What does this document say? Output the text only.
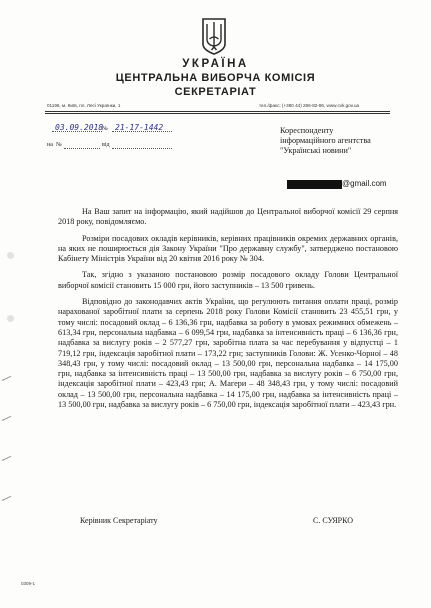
УКРАЇНА
ЦЕНТРАЛЬНА ВИБОРЧА КОМІСІЯ
СЕКРЕТАРІАТ
01196, м. Київ, пл. Лесі Українки, 1	тел./факс: (+380 44) 286-82-86, www.cvk.gov.ua
03.09.2018
№ 21-17-1442
на №	від
Кореспонденту
інформаційного агентства
"Українські новини"
@gmail.com

На Ваш запит на інформацію, який надійшов до Центральної виборчої комісії 29 серпня 2018 року, повідомляємо.

Розміри посадових окладів керівників, керівних працівників окремих державних органів, на яких не поширюється дія Закону України "Про державну службу", затверджено постановою Кабінету Міністрів України від 20 квітня 2016 року № 304.

Так, згідно з указаною постановою розмір посадового окладу Голови Центральної виборчої комісії становить 15 000 грн, його заступників – 13 500 гривень.

Відповідно до законодавчих актів України, що регулюють питання оплати праці, розмір нарахованої заробітної плати за серпень 2018 року Голови Комісії становить 23 455,51 грн, у тому числі: посадовий оклад – 6 136,36 грн, надбавка за роботу в умовах режимних обмежень – 613,34 грн, персональна надбавка – 6 099,54 грн, надбавка за інтенсивність праці – 6 136,36 грн, надбавка за вислугу років – 2 577,27 грн, заробітна плата за час перебування у відпустці – 1 719,12 грн, індексація заробітної плати – 173,22 грн; заступників Голови: Ж. Усенко-Чорної – 48 348,43 грн, у тому числі: посадовий оклад – 13 500,00 грн, персональна надбавка – 14 175,00 грн, надбавка за інтенсивність праці – 13 500,00 грн, надбавка за вислугу років – 6 750,00 грн, індексація заробітної плати – 423,43 грн; А. Магери – 48 348,43 грн, у тому числі: посадовий оклад – 13 500,00 грн, персональна надбавка – 14 175,00 грн, надбавка за інтенсивність праці – 13 500,00 грн, надбавка за вислугу років – 6 750,00 грн, індексація заробітної плати – 423,43 грн.

Керівник Секретаріату	С. СУЯРКО
0309-1
